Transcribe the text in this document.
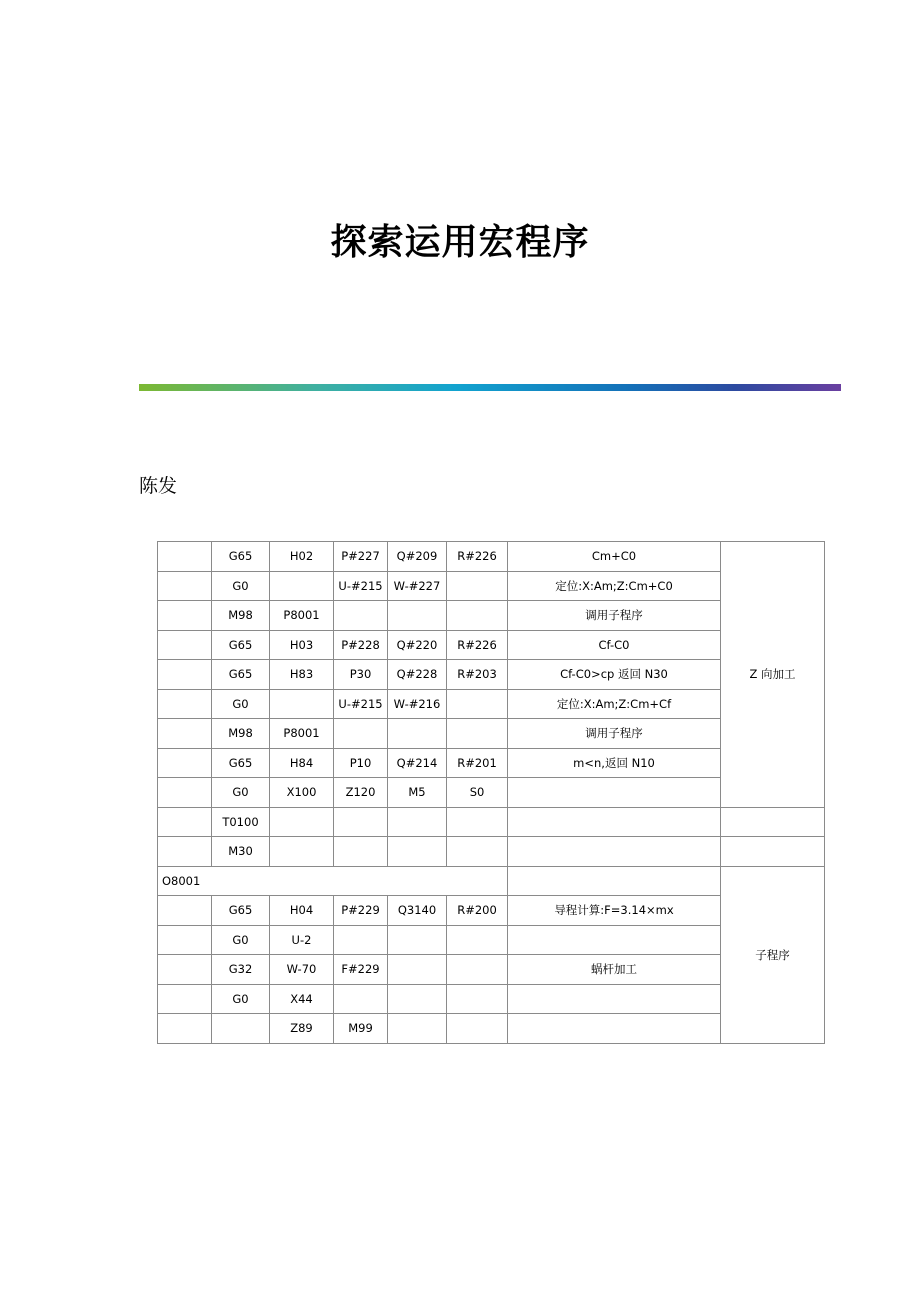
探索运用宏程序
陈发
	G65	H02	P#227	Q#209	R#226	Cm+C0	Z 向加工
	G0		U-#215	W-#227		定位:X:Am;Z:Cm+C0	
	M98	P8001				调用子程序	
	G65	H03	P#228	Q#220	R#226	Cf-C0	
	G65	H83	P30	Q#228	R#203	Cf-C0>cp 返回 N30	
	G0		U-#215	W-#216		定位:X:Am;Z:Cm+Cf	
	M98	P8001				调用子程序	
	G65	H84	P10	Q#214	R#201	m<n,返回 N10	
	G0	X100	Z120	M5	S0		
	T0100						
	M30						
O8001							子程序
	G65	H04	P#229	Q3140	R#200	导程计算:F=3.14×mx	
	G0	U-2					
	G32	W-70	F#229			蜗杆加工	
	G0	X44					
		Z89	M99				
